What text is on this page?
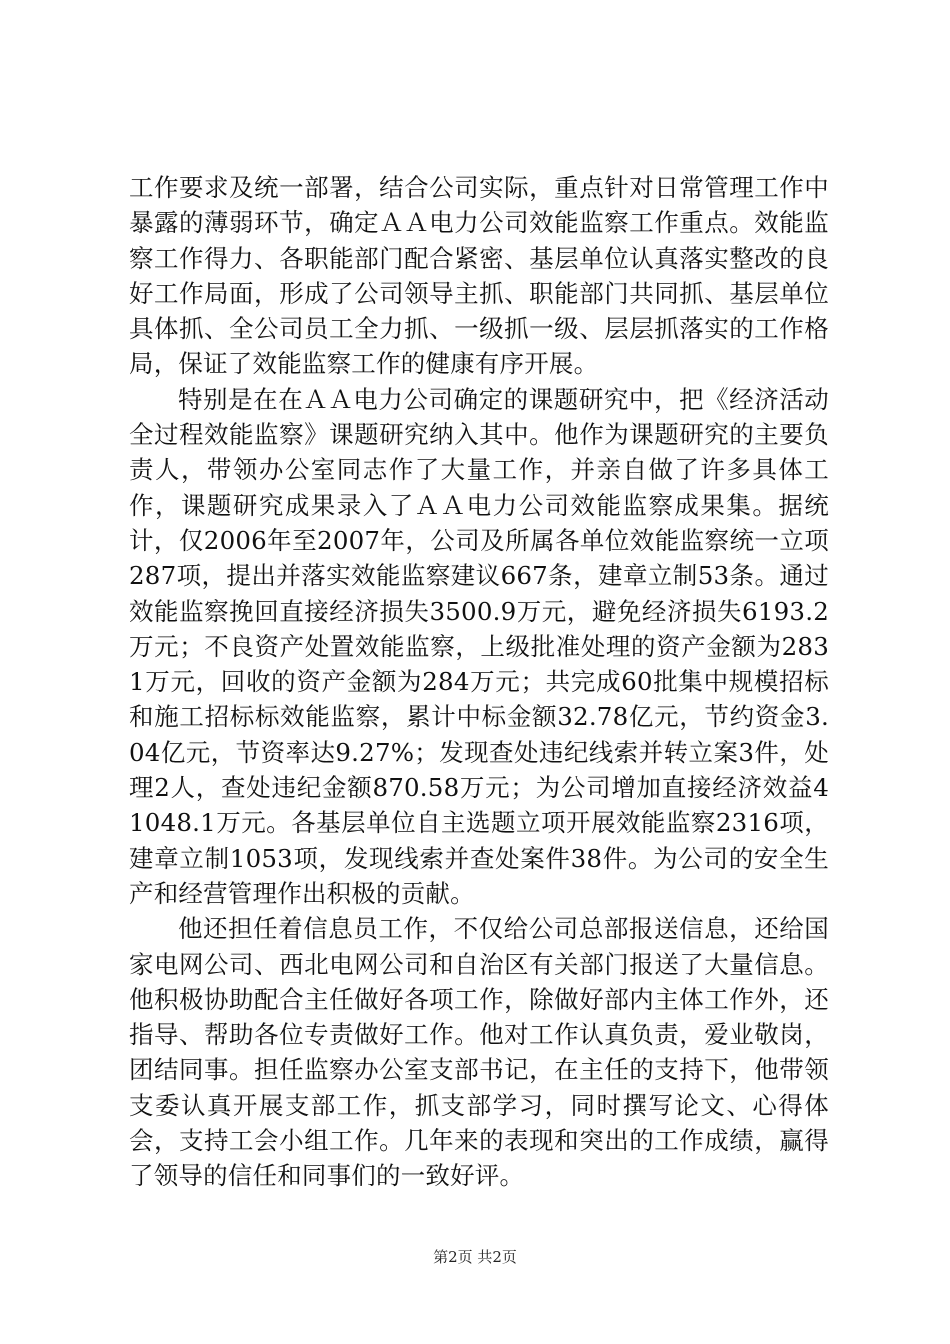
工作要求及统一部署，结合公司实际，重点针对日常管理工作中暴露的薄弱环节，确定ＡＡ电力公司效能监察工作重点。效能监察工作得力、各职能部门配合紧密、基层单位认真落实整改的良好工作局面，形成了公司领导主抓、职能部门共同抓、基层单位具体抓、全公司员工全力抓、一级抓一级、层层抓落实的工作格局，保证了效能监察工作的健康有序开展。

特别是在在ＡＡ电力公司确定的课题研究中，把《经济活动全过程效能监察》课题研究纳入其中。他作为课题研究的主要负责人，带领办公室同志作了大量工作，并亲自做了许多具体工作，课题研究成果录入了ＡＡ电力公司效能监察成果集。据统计，仅2006年至2007年，公司及所属各单位效能监察统一立项287项，提出并落实效能监察建议667条，建章立制53条。通过效能监察挽回直接经济损失3500.9万元，避免经济损失6193.2万元；不良资产处置效能监察，上级批准处理的资产金额为2831万元，回收的资产金额为284万元；共完成60批集中规模招标和施工招标标效能监察，累计中标金额32.78亿元，节约资金3.04亿元，节资率达9.27%；发现查处违纪线索并转立案3件，处理2人，查处违纪金额870.58万元；为公司增加直接经济效益41048.1万元。各基层单位自主选题立项开展效能监察2316项，建章立制1053项，发现线索并查处案件38件。为公司的安全生产和经营管理作出积极的贡献。

他还担任着信息员工作，不仅给公司总部报送信息，还给国家电网公司、西北电网公司和自治区有关部门报送了大量信息。他积极协助配合主任做好各项工作，除做好部内主体工作外，还指导、帮助各位专责做好工作。他对工作认真负责，爱业敬岗，团结同事。担任监察办公室支部书记，在主任的支持下，他带领支委认真开展支部工作，抓支部学习，同时撰写论文、心得体会，支持工会小组工作。几年来的表现和突出的工作成绩，赢得了领导的信任和同事们的一致好评。

第2页 共2页
